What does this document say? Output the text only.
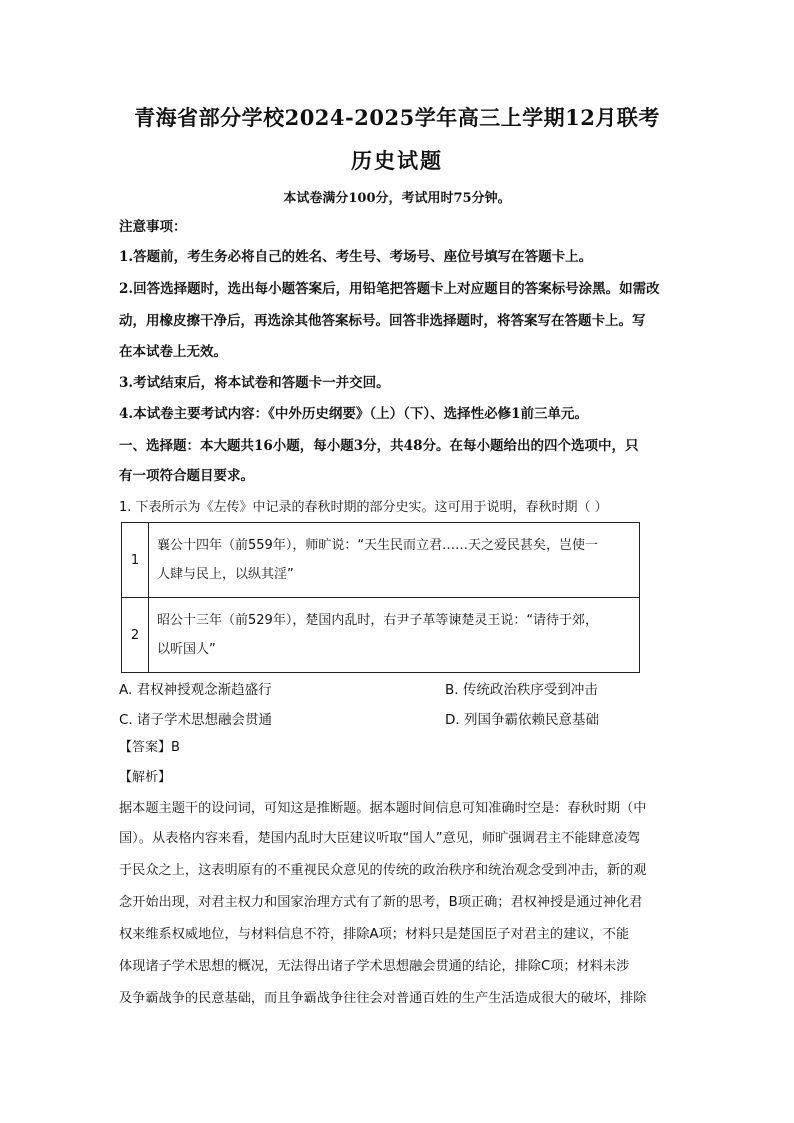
青海省部分学校2024-2025学年高三上学期12月联考
历史试题
本试卷满分100分，考试用时75分钟。
注意事项：
1.答题前，考生务必将自己的姓名、考生号、考场号、座位号填写在答题卡上。
2.回答选择题时，选出每小题答案后，用铅笔把答题卡上对应题目的答案标号涂黑。如需改
动，用橡皮擦干净后，再选涂其他答案标号。回答非选择题时，将答案写在答题卡上。写
在本试卷上无效。
3.考试结束后，将本试卷和答题卡一并交回。
4.本试卷主要考试内容：《中外历史纲要》（上）（下）、选择性必修1前三单元。
一、选择题：本大题共16小题，每小题3分，共48分。在每小题给出的四个选项中，只
有一项符合题目要求。
1. 下表所示为《左传》中记录的春秋时期的部分史实。这可用于说明，春秋时期（ ）
1	襄公十四年（前559年），师旷说：“天生民而立君……天之爱民甚矣，岂使一
人肆与民上，以纵其淫”

2	昭公十三年（前529年），楚国内乱时，右尹子革等谏楚灵王说：“请待于郊，
以听国人”
A. 君权神授观念渐趋盛行	B. 传统政治秩序受到冲击
C. 诸子学术思想融会贯通	D. 列国争霸依赖民意基础
【答案】B
【解析】
据本题主题干的设问词，可知这是推断题。据本题时间信息可知准确时空是：春秋时期（中
国）。从表格内容来看，楚国内乱时大臣建议听取“国人”意见，师旷强调君主不能肆意凌驾
于民众之上，这表明原有的不重视民众意见的传统的政治秩序和统治观念受到冲击，新的观
念开始出现，对君主权力和国家治理方式有了新的思考，B项正确；君权神授是通过神化君
权来维系权威地位，与材料信息不符，排除A项；材料只是楚国臣子对君主的建议，不能
体现诸子学术思想的概况，无法得出诸子学术思想融会贯通的结论，排除C项；材料未涉
及争霸战争的民意基础，而且争霸战争往往会对普通百姓的生产生活造成很大的破坏，排除
